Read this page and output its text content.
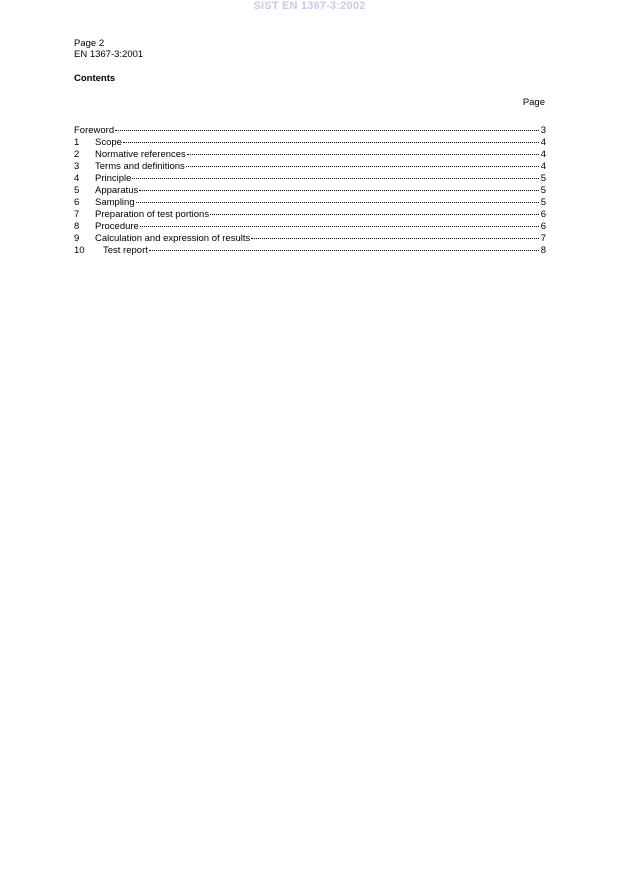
SIST EN 1367-3:2002
Page 2
EN 1367-3:2001
Contents
Page
Foreword	3
1	Scope	4
2	Normative references	4
3	Terms and definitions	4
4	Principle	5
5	Apparatus	5
6	Sampling	5
7	Preparation of test portions	6
8	Procedure	6
9	Calculation and expression of results	7
10	Test report	8
